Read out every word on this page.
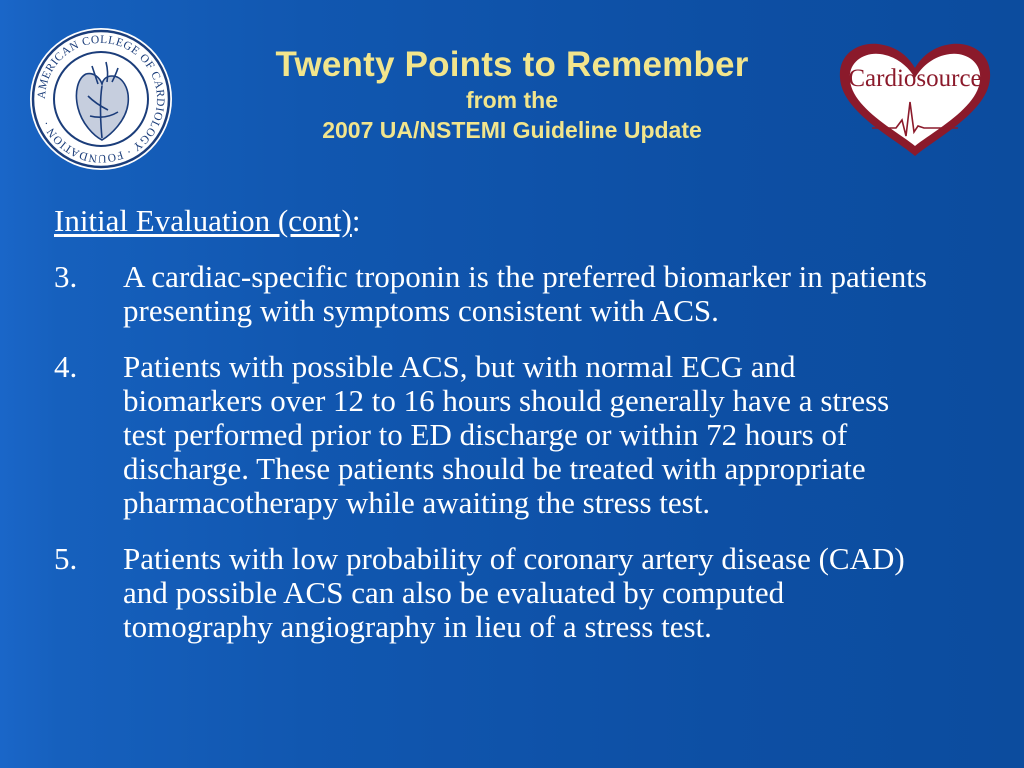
AMERICAN COLLEGE OF CARDIOLOGY · FOUNDATION ·
Twenty Points to Remember
from the
2007 UA/NSTEMI Guideline Update
Cardiosource
Initial Evaluation (cont):
3.	A cardiac-specific troponin is the preferred biomarker in patients presenting with symptoms consistent with ACS.
4.	Patients with possible ACS, but with normal ECG and biomarkers over 12 to 16 hours should generally have a stress test performed prior to ED discharge or within 72 hours of discharge. These patients should be treated with appropriate pharmacotherapy while awaiting the stress test.
5.	Patients with low probability of coronary artery disease (CAD) and possible ACS can also be evaluated by computed tomography angiography in lieu of a stress test.
